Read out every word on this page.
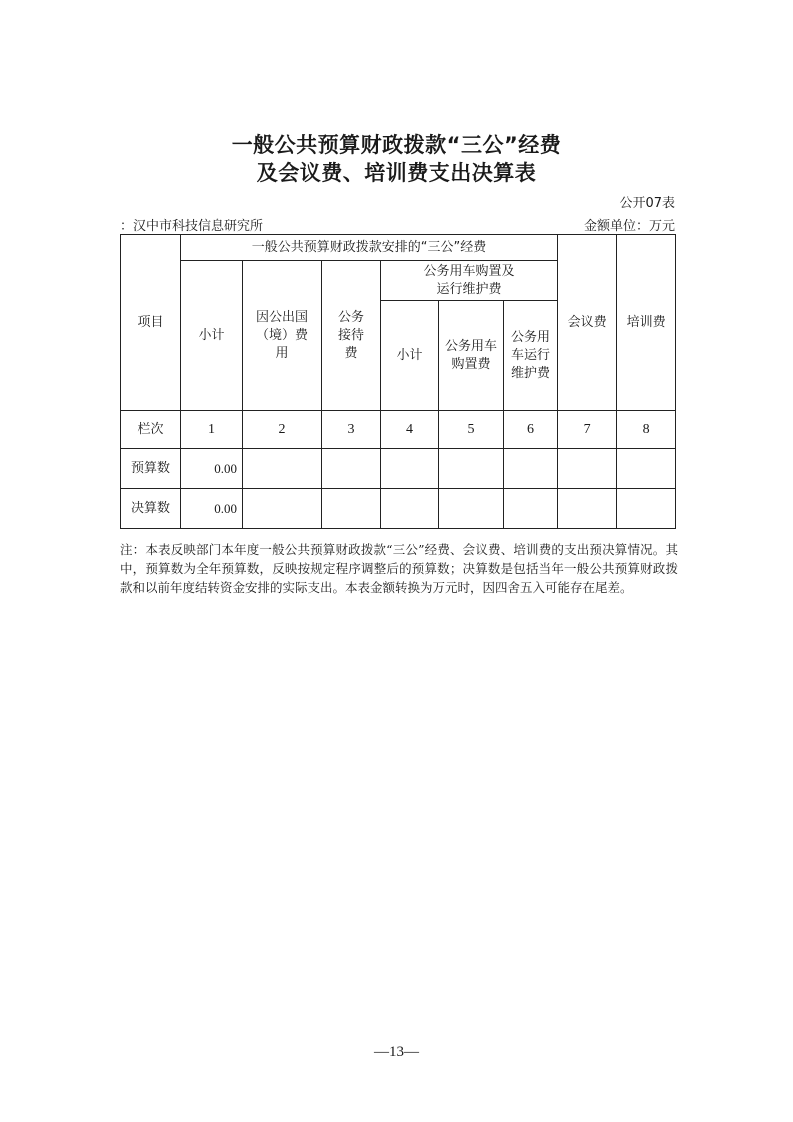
一般公共预算财政拨款“三公”经费
及会议费、培训费支出决算表

公开07表

：汉中市科技信息研究所	金额单位：万元

项目	一般公共预算财政拨款安排的“三公”经费						会议费	培训费
	小计	因公出国（境）费用	公务接待费	公务用车购置及运行维护费				
				小计	公务用车购置费	公务用车运行维护费		

栏次	1	2	3	4	5	6	7	8
预算数	0.00							
决算数	0.00							

注：本表反映部门本年度一般公共预算财政拨款“三公”经费、会议费、培训费的支出预决算情况。其中，预算数为全年预算数，反映按规定程序调整后的预算数；决算数是包括当年一般公共预算财政拨款和以前年度结转资金安排的实际支出。本表金额转换为万元时，因四舍五入可能存在尾差。

—13—
